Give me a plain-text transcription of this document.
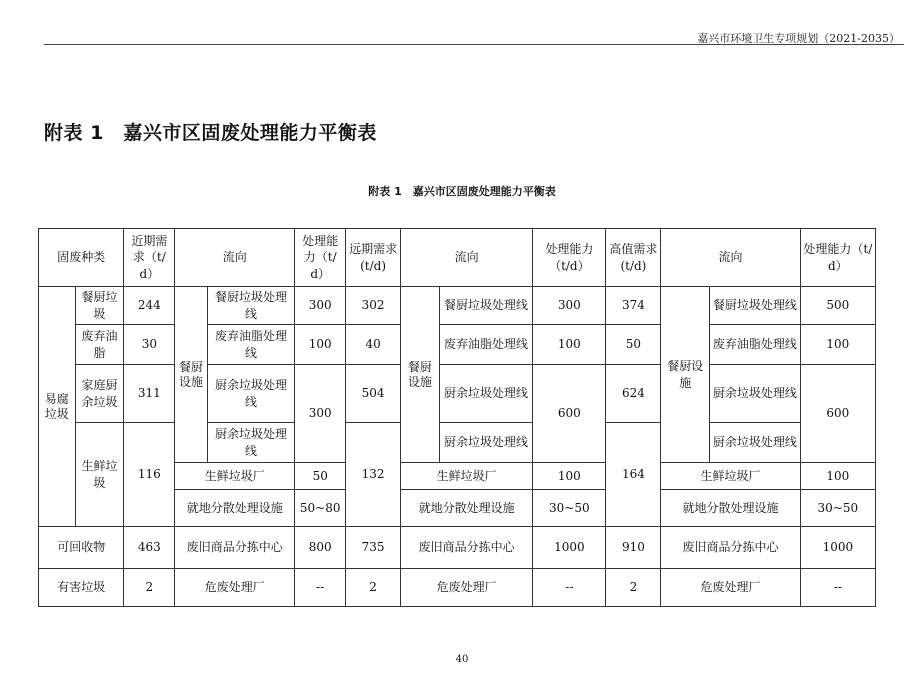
嘉兴市环境卫生专项规划（2021-2035）
附表 1　嘉兴市区固废处理能力平衡表
附表 1　嘉兴市区固废处理能力平衡表
固废种类		近期需求（t/d）	流向		处理能力（t/d）	远期需求(t/d)	流向		处理能力（t/d）	高值需求(t/d)	流向		处理能力（t/d）
易腐垃圾	餐厨垃圾	244	餐厨设施	餐厨垃圾处理线	300	302	餐厨设施	餐厨垃圾处理线	300	374	餐厨设施	餐厨垃圾处理线	500
	废弃油脂	30		废弃油脂处理线	100	40		废弃油脂处理线	100	50		废弃油脂处理线	100
	家庭厨余垃圾	311		厨余垃圾处理线	300	504		厨余垃圾处理线	600	624		厨余垃圾处理线	600
	生鲜垃圾	116		厨余垃圾处理线		132		厨余垃圾处理线		164		厨余垃圾处理线	
			生鲜垃圾厂		50		生鲜垃圾厂		100		生鲜垃圾厂		100
			就地分散处理设施		50~80		就地分散处理设施		30~50		就地分散处理设施		30~50
可回收物		463	废旧商品分拣中心		800	735	废旧商品分拣中心		1000	910	废旧商品分拣中心		1000
有害垃圾		2	危废处理厂		--	2	危废处理厂		--	2	危废处理厂		--
40
